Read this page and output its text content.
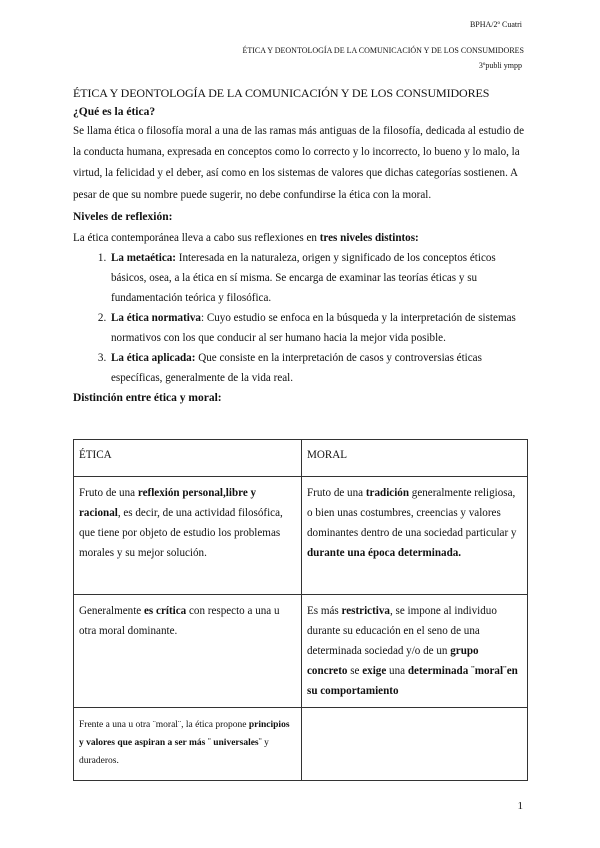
BPHA/2º Cuatri
ÉTICA Y DEONTOLOGÍA DE LA COMUNICACIÓN Y DE LOS CONSUMIDORES
3ºpubli ympp

ÉTICA Y DEONTOLOGÍA DE LA COMUNICACIÓN Y DE LOS CONSUMIDORES

¿Qué es la ética?

Se llama ética o filosofía moral a una de las ramas más antiguas de la filosofía, dedicada al estudio de la conducta humana, expresada en conceptos como lo correcto y lo incorrecto, lo bueno y lo malo, la virtud, la felicidad y el deber, así como en los sistemas de valores que dichas categorías sostienen. A pesar de que su nombre puede sugerir, no debe confundirse la ética con la moral.

Niveles de reflexión:

La ética contemporánea lleva a cabo sus reflexiones en tres niveles distintos:

1. La metaética: Interesada en la naturaleza, origen y significado de los conceptos éticos básicos, osea, a la ética en sí misma. Se encarga de examinar las teorías éticas y su fundamentación teórica y filosófica.
2. La ética normativa: Cuyo estudio se enfoca en la búsqueda y la interpretación de sistemas normativos con los que conducir al ser humano hacia la mejor vida posible.
3. La ética aplicada: Que consiste en la interpretación de casos y controversias éticas específicas, generalmente de la vida real.

Distinción entre ética y moral:

ÉTICA	MORAL
Fruto de una reflexión personal,libre y racional, es decir, de una actividad filosófica, que tiene por objeto de estudio los problemas morales y su mejor solución.	Fruto de una tradición generalmente religiosa, o bien unas costumbres, creencias y valores dominantes dentro de una sociedad particular y durante una época determinada.
Generalmente es crítica con respecto a una u otra moral dominante.	Es más restrictiva, se impone al individuo durante su educación en el seno de una determinada sociedad y/o de un grupo concreto se exige una determinada ¨moral¨en su comportamiento
Frente a una u otra ¨moral¨, la ética propone principios y valores que aspiran a ser más ¨ universales¨ y duraderos.	
1
